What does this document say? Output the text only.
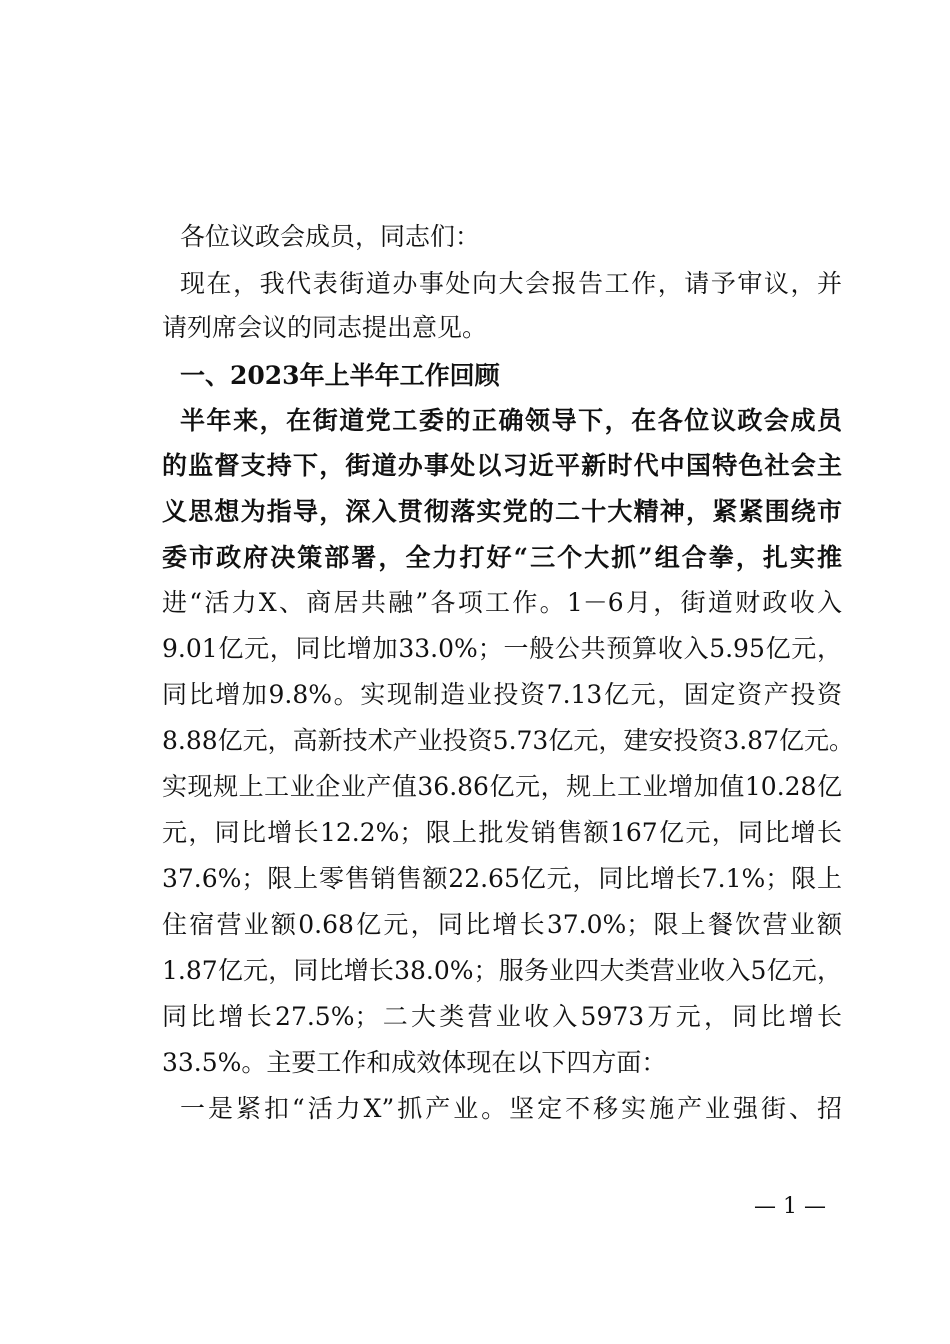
各位议政会成员，同志们：
现在，我代表街道办事处向大会报告工作，请予审议，并
请列席会议的同志提出意见。
一、2023年上半年工作回顾
半年来，在街道党工委的正确领导下，在各位议政会成员
的监督支持下，街道办事处以习近平新时代中国特色社会主
义思想为指导，深入贯彻落实党的二十大精神，紧紧围绕市
委市政府决策部署，全力打好“三个大抓”组合拳，扎实推
进“活力X、商居共融”各项工作。1－6月，街道财政收入
9.01亿元，同比增加33.0%；一般公共预算收入5.95亿元，
同比增加9.8%。实现制造业投资7.13亿元，固定资产投资
8.88亿元，高新技术产业投资5.73亿元，建安投资3.87亿元。
实现规上工业企业产值36.86亿元，规上工业增加值10.28亿
元，同比增长12.2%；限上批发销售额167亿元，同比增长
37.6%；限上零售销售额22.65亿元，同比增长7.1%；限上
住宿营业额0.68亿元，同比增长37.0%；限上餐饮营业额
1.87亿元，同比增长38.0%；服务业四大类营业收入5亿元，
同比增长27.5%；二大类营业收入5973万元，同比增长
33.5%。主要工作和成效体现在以下四方面：
一是紧扣“活力X”抓产业。坚定不移实施产业强街、招
— 1 —
